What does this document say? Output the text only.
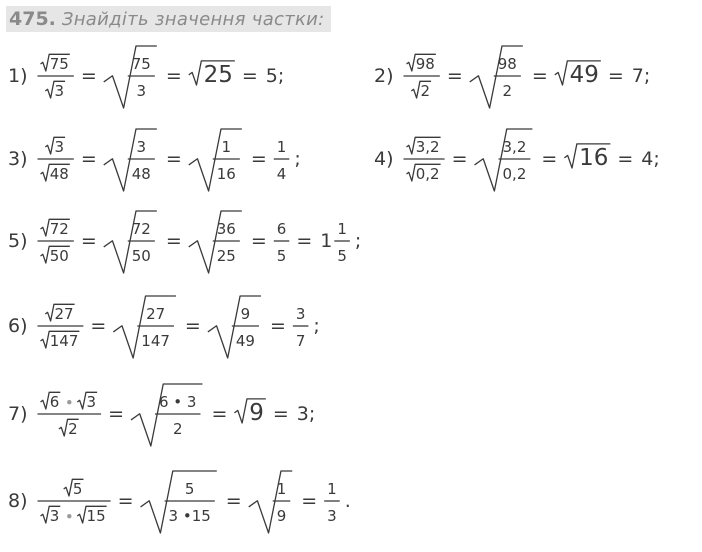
475. Знайдіть значення частки:
1)
75
3
=
75
3
= 25 = 5;	2)
98
2
=
98
2
= 49 = 7;
3)
3
48
=
3
48
=
1
16
=
1
4
;	4)
3,2
0,2
=
3,2
0,2
= 16 = 4;
5)
72
50
=
72
50
=
36
25
=
6
5
= 1
1
5
;
6)
27
147
=
27
147
=
9
49
=
3
7
;
7)
6 3
2
=
6 • 3
2
= 9 = 3;
8)
5
3 15
=
5
3 •15
=
1
9
=
1
3
.
